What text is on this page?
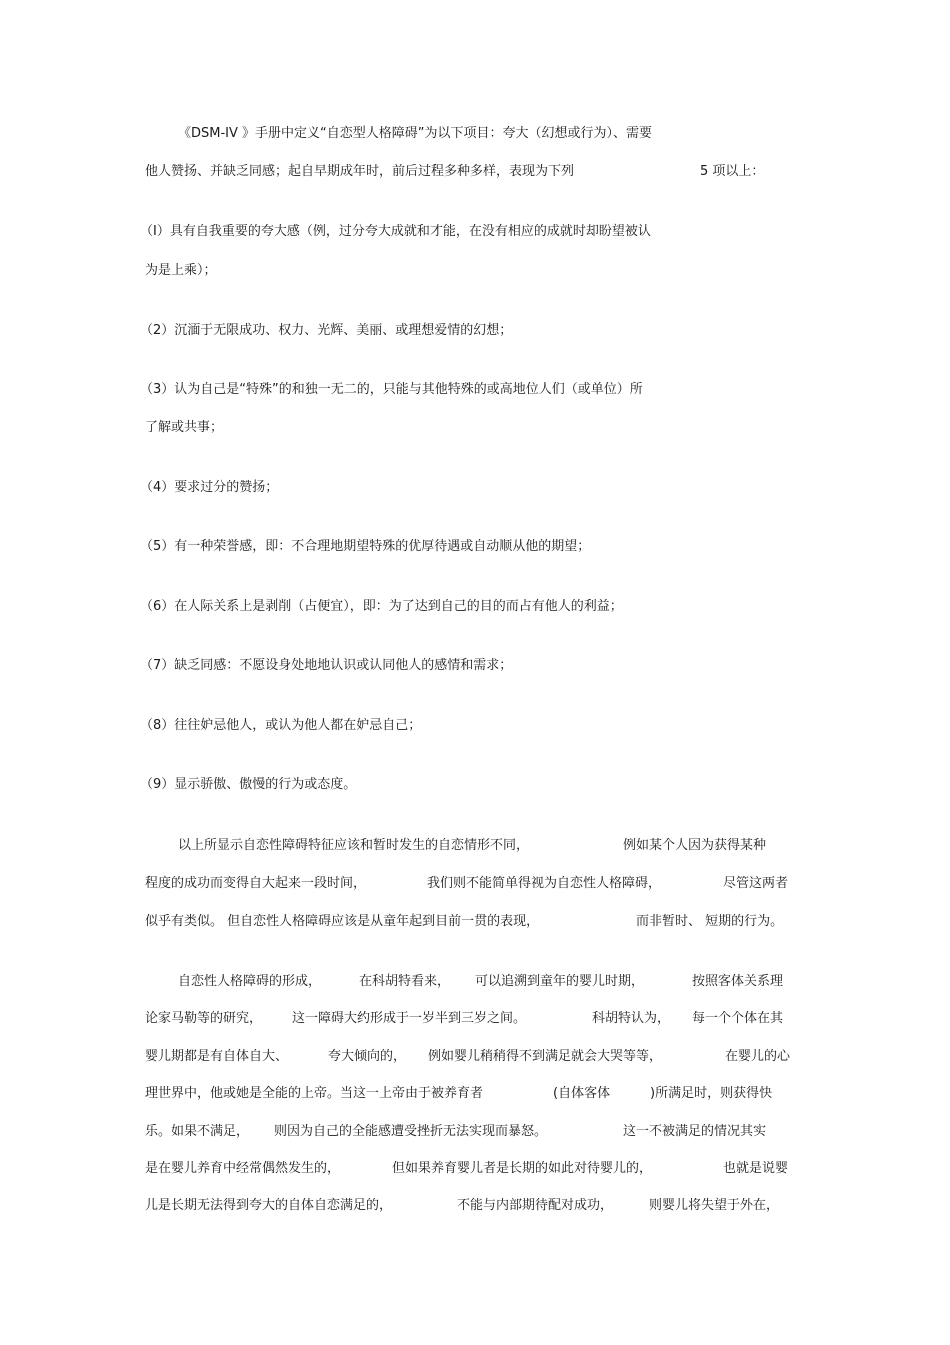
《DSM-IV 》手册中定义“自恋型人格障碍”为以下项目：夸大（幻想或行为）、需要
他人赞扬、并缺乏同感；起自早期成年时，前后过程多种多样，表现为下列	5 项以上：
（I）具有自我重要的夸大感（例，过分夸大成就和才能，在没有相应的成就时却盼望被认
为是上乘）；
（2）沉湎于无限成功、权力、光辉、美丽、或理想爱情的幻想；
（3）认为自己是“特殊”的和独一无二的，只能与其他特殊的或高地位人们（或单位）所
了解或共事；
（4）要求过分的赞扬；
（5）有一种荣誉感，即：不合理地期望特殊的优厚待遇或自动顺从他的期望；
（6）在人际关系上是剥削（占便宜），即：为了达到自己的目的而占有他人的利益；
（7）缺乏同感：不愿设身处地地认识或认同他人的感情和需求；
（8）往往妒忌他人，或认为他人都在妒忌自己；
（9）显示骄傲、傲慢的行为或态度。
以上所显示自恋性障碍特征应该和暂时发生的自恋情形不同，	例如某个人因为获得某种
程度的成功而变得自大起来一段时间，	我们则不能简单得视为自恋性人格障碍，	尽管这两者
似乎有类似。 但自恋性人格障碍应该是从童年起到目前一贯的表现，	而非暂时、 短期的行为。
自恋性人格障碍的形成，	在科胡特看来， 可以追溯到童年的婴儿时期，	按照客体关系理
论家马勒等的研究， 这一障碍大约形成于一岁半到三岁之间。	科胡特认为， 每一个个体在其
婴儿期都是有自体自大、	夸大倾向的， 例如婴儿稍稍得不到满足就会大哭等等，	在婴儿的心
理世界中，他或她是全能的上帝。当这一上帝由于被养育者	(自体客体	)所满足时，则获得快
乐。如果不满足， 则因为自己的全能感遭受挫折无法实现而暴怒。	这一不被满足的情况其实
是在婴儿养育中经常偶然发生的，	但如果养育婴儿者是长期的如此对待婴儿的，	也就是说婴
儿是长期无法得到夸大的自体自恋满足的，	不能与内部期待配对成功，	则婴儿将失望于外在，
